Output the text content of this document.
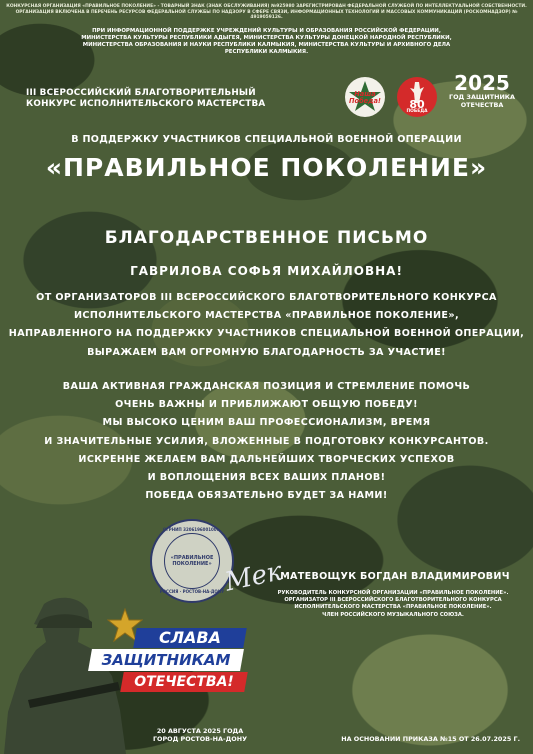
КОНКУРСНАЯ ОРГАНИЗАЦИЯ «ПРАВИЛЬНОЕ ПОКОЛЕНИЕ» - ТОВАРНЫЙ ЗНАК (ЗНАК ОБСЛУЖИВАНИЯ) №925980 ЗАРЕГИСТРИРОВАН ФЕДЕРАЛЬНОЙ СЛУЖБОЙ ПО ИНТЕЛЛЕКТУАЛЬНОЙ СОБСТВЕННОСТИ.
ОРГАНИЗАЦИЯ ВКЛЮЧЕНА В ПЕРЕЧЕНЬ РЕСУРСОВ ФЕДЕРАЛЬНОЙ СЛУЖБЫ ПО НАДЗОРУ В СФЕРЕ СВЯЗИ, ИНФОРМАЦИОННЫХ ТЕХНОЛОГИЙ И МАССОВЫХ КОММУНИКАЦИЙ (РОСКОМНАДЗОР) № 4919059126.
ПРИ ИНФОРМАЦИОННОЙ ПОДДЕРЖКЕ УЧРЕЖДЕНИЙ КУЛЬТУРЫ И ОБРАЗОВАНИЯ РОССИЙСКОЙ ФЕДЕРАЦИИ,
МИНИСТЕРСТВА КУЛЬТУРЫ РЕСПУБЛИКИ АДЫГЕЯ, МИНИСТЕРСТВА КУЛЬТУРЫ ДОНЕЦКОЙ НАРОДНОЙ РЕСПУБЛИКИ,
МИНИСТЕРСТВА ОБРАЗОВАНИЯ И НАУКИ РЕСПУБЛИКИ КАЛМЫКИЯ, МИНИСТЕРСТВА КУЛЬТУРЫ И АРХИВНОГО ДЕЛА
РЕСПУБЛИКИ КАЛМЫКИЯ.
III ВСЕРОССИЙСКИЙ БЛАГОТВОРИТЕЛЬНЫЙ
КОНКУРС ИСПОЛНИТЕЛЬСКОГО МАСТЕРСТВА
Наша Победа!	80
ПОБЕДА
2025
ГОД ЗАЩИТНИКА
ОТЕЧЕСТВА
В ПОДДЕРЖКУ УЧАСТНИКОВ СПЕЦИАЛЬНОЙ ВОЕННОЙ ОПЕРАЦИИ
«ПРАВИЛЬНОЕ ПОКОЛЕНИЕ»
БЛАГОДАРСТВЕННОЕ ПИСЬМО
ГАВРИЛОВА СОФЬЯ МИХАЙЛОВНА!
ОТ ОРГАНИЗАТОРОВ III ВСЕРОССИЙСКОГО БЛАГОТВОРИТЕЛЬНОГО КОНКУРСА
ИСПОЛНИТЕЛЬСКОГО МАСТЕРСТВА «ПРАВИЛЬНОЕ ПОКОЛЕНИЕ»,
НАПРАВЛЕННОГО НА ПОДДЕРЖКУ УЧАСТНИКОВ СПЕЦИАЛЬНОЙ ВОЕННОЙ ОПЕРАЦИИ,
ВЫРАЖАЕМ ВАМ ОГРОМНУЮ БЛАГОДАРНОСТЬ ЗА УЧАСТИЕ!
ВАША АКТИВНАЯ ГРАЖДАНСКАЯ ПОЗИЦИЯ И СТРЕМЛЕНИЕ ПОМОЧЬ
ОЧЕНЬ ВАЖНЫ И ПРИБЛИЖАЮТ ОБЩУЮ ПОБЕДУ!
МЫ ВЫСОКО ЦЕНИМ ВАШ ПРОФЕССИОНАЛИЗМ, ВРЕМЯ
И ЗНАЧИТЕЛЬНЫЕ УСИЛИЯ, ВЛОЖЕННЫЕ В ПОДГОТОВКУ КОНКУРСАНТОВ.
ИСКРЕННЕ ЖЕЛАЕМ ВАМ ДАЛЬНЕЙШИХ ТВОРЧЕСКИХ УСПЕХОВ
И ВОПЛОЩЕНИЯ ВСЕХ ВАШИХ ПЛАНОВ!
ПОБЕДА ОБЯЗАТЕЛЬНО БУДЕТ ЗА НАМИ!
ОГРНИП 320619600100...
«ПРАВИЛЬНОЕ ПОКОЛЕНИЕ»
РОССИЯ · РОСТОВ-НА-ДОНУ
Мек
МАТЕВОЩУК БОГДАН ВЛАДИМИРОВИЧ
РУКОВОДИТЕЛЬ КОНКУРСНОЙ ОРГАНИЗАЦИИ «ПРАВИЛЬНОЕ ПОКОЛЕНИЕ».
ОРГАНИЗАТОР III ВСЕРОССИЙСКОГО БЛАГОТВОРИТЕЛЬНОГО КОНКУРСА
ИСПОЛНИТЕЛЬСКОГО МАСТЕРСТВА «ПРАВИЛЬНОЕ ПОКОЛЕНИЕ».
ЧЛЕН РОССИЙСКОГО МУЗЫКАЛЬНОГО СОЮЗА.
СЛАВА
ЗАЩИТНИКАМ
ОТЕЧЕСТВА!
20 АВГУСТА 2025 ГОДА
ГОРОД РОСТОВ-НА-ДОНУ	НА ОСНОВАНИИ ПРИКАЗА №15 ОТ 26.07.2025 Г.
